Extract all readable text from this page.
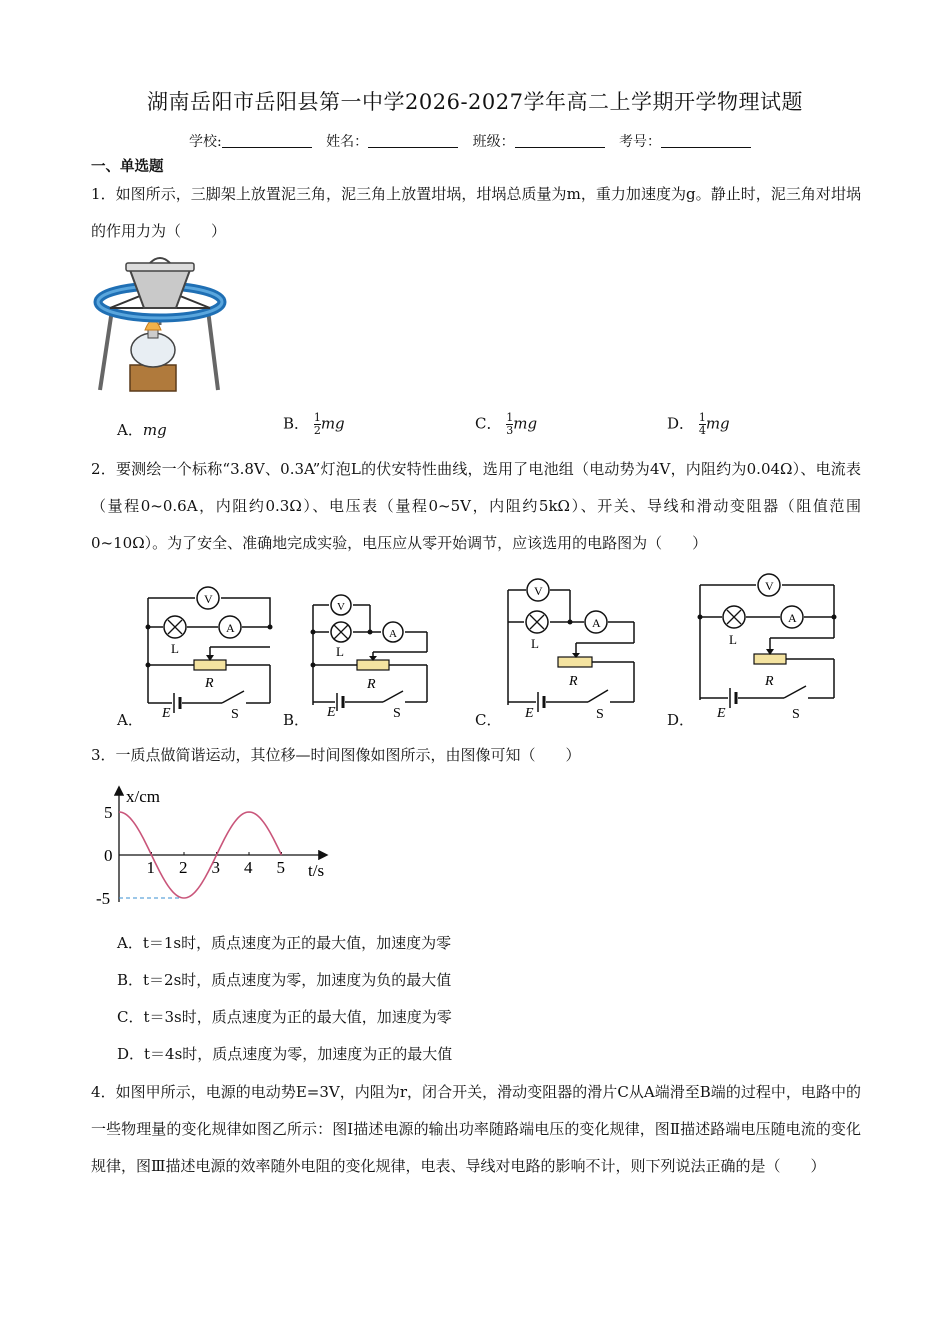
湖南岳阳市岳阳县第一中学2026-2027学年高二上学期开学物理试题
学校:	姓名：	班级：	考号：
一、单选题
1．如图所示，三脚架上放置泥三角，泥三角上放置坩埚，坩埚总质量为m，重力加速度为g。静止时，泥三角对坩埚的作用力为（　　）
A．mg	B． $\frac{1}{2}$ mg	C． $\frac{1}{3}$ mg	D． $\frac{1}{4}$ mg
2．要测绘一个标称“3.8V、0.3A”灯泡L的伏安特性曲线，选用了电池组（电动势为4V，内阻约为0.04Ω）、电流表（量程0~0.6A，内阻约0.3Ω）、电压表（量程0~5V，内阻约5kΩ）、开关、导线和滑动变阻器（阻值范围0~10Ω）。为了安全、准确地完成实验，电压应从零开始调节，应该选用的电路图为（　　）
V
A
L
R
E	S
A．
V
A
L
R
E	S
B．
V
A
L
R
E	S
C．
V
A
L
R
E	S
D．
3．一质点做简谐运动，其位移—时间图像如图所示，由图像可知（　　）
x/cm
t/s
1 2 3 4 5
5
0
-5
A．t＝1s时，质点速度为正的最大值，加速度为零
B．t＝2s时，质点速度为零，加速度为负的最大值
C．t＝3s时，质点速度为正的最大值，加速度为零
D．t＝4s时，质点速度为零，加速度为正的最大值
4．如图甲所示，电源的电动势E=3V，内阻为r，闭合开关，滑动变阻器的滑片C从A端滑至B端的过程中，电路中的一些物理量的变化规律如图乙所示：图Ⅰ描述电源的输出功率随路端电压的变化规律，图Ⅱ描述路端电压随电流的变化规律，图Ⅲ描述电源的效率随外电阻的变化规律，电表、导线对电路的影响不计，则下列说法正确的是（　　）
